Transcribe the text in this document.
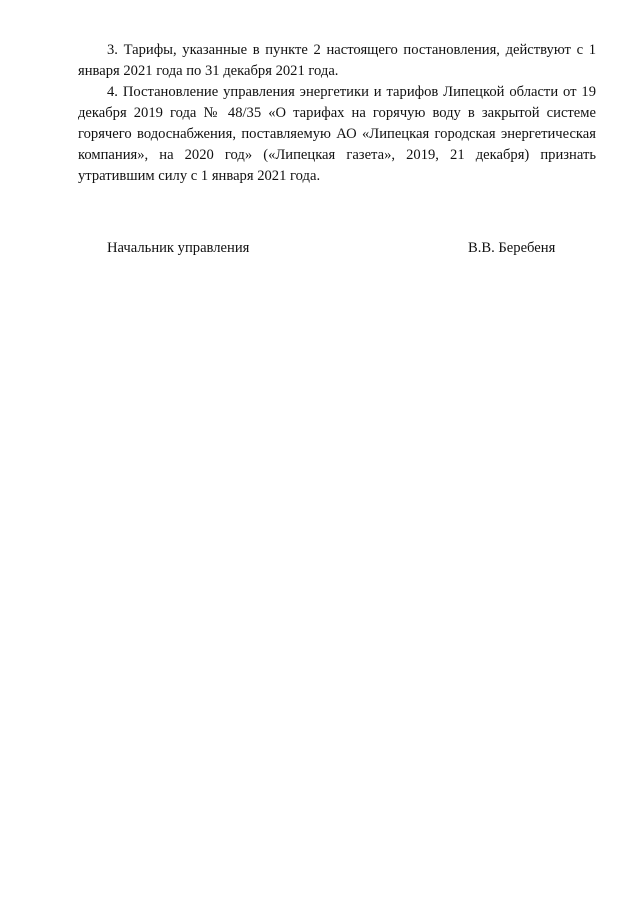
3. Тарифы, указанные в пункте 2 настоящего постановления, действуют с 1 января 2021 года по 31 декабря 2021 года.

4. Постановление управления энергетики и тарифов Липецкой области от 19 декабря 2019 года № 48/35 «О тарифах на горячую воду в закрытой системе горячего водоснабжения, поставляемую АО «Липецкая городская энергетическая компания», на 2020 год» («Липецкая газета», 2019, 21 декабря) признать утратившим силу с 1 января 2021 года.

Начальник управления	В.В. Беребеня
